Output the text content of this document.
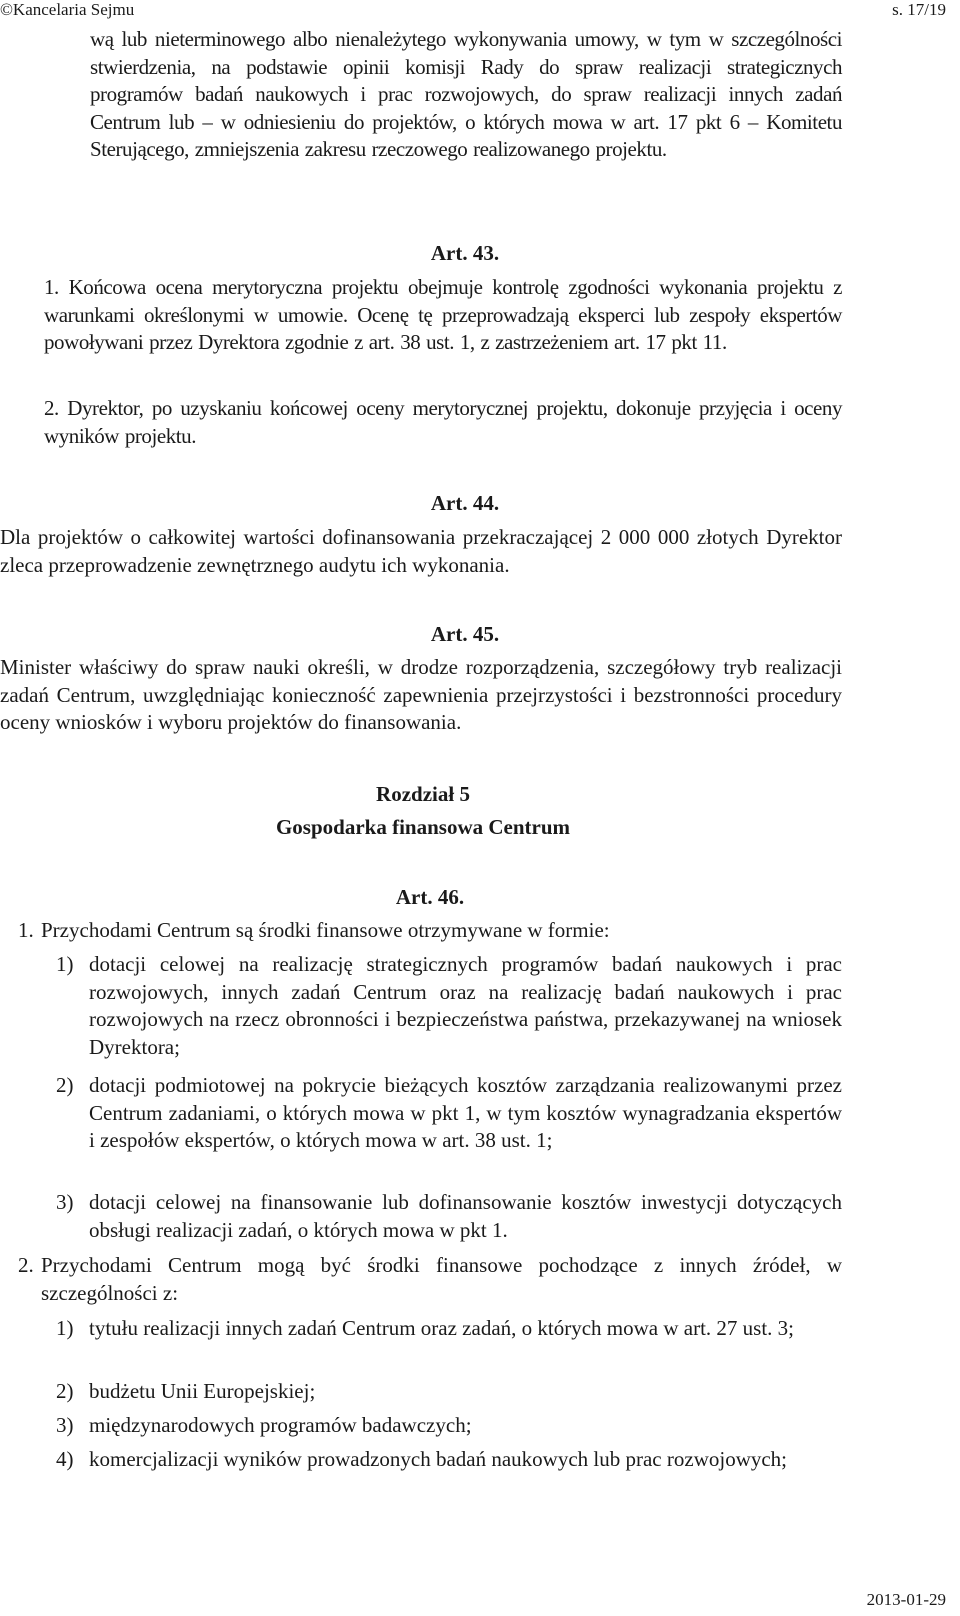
©Kancelaria Sejmu	s. 17/19

wą lub nieterminowego albo nienależytego wykonywania umowy, w tym w szczególności stwierdzenia, na podstawie opinii komisji Rady do spraw realizacji strategicznych programów badań naukowych i prac rozwojowych, do spraw realizacji innych zadań Centrum lub – w odniesieniu do projektów, o których mowa w art. 17 pkt 6 – Komitetu Sterującego, zmniejszenia zakresu rzeczowego realizowanego projektu.

Art. 43.

1. Końcowa ocena merytoryczna projektu obejmuje kontrolę zgodności wykonania projektu z warunkami określonymi w umowie. Ocenę tę przeprowadzają eksperci lub zespoły ekspertów powoływani przez Dyrektora zgodnie z art. 38 ust. 1, z zastrzeżeniem art. 17 pkt 11.

2. Dyrektor, po uzyskaniu końcowej oceny merytorycznej projektu, dokonuje przyjęcia i oceny wyników projektu.

Art. 44.

Dla projektów o całkowitej wartości dofinansowania przekraczającej 2 000 000 złotych Dyrektor zleca przeprowadzenie zewnętrznego audytu ich wykonania.

Art. 45.

Minister właściwy do spraw nauki określi, w drodze rozporządzenia, szczegółowy tryb realizacji zadań Centrum, uwzględniając konieczność zapewnienia przejrzystości i bezstronności procedury oceny wniosków i wyboru projektów do finansowania.

Rozdział 5
Gospodarka finansowa Centrum
Art. 46.
1. Przychodami Centrum są środki finansowe otrzymywane w formie:
1) dotacji celowej na realizację strategicznych programów badań naukowych i prac rozwojowych, innych zadań Centrum oraz na realizację badań naukowych i prac rozwojowych na rzecz obronności i bezpieczeństwa państwa, przekazywanej na wniosek Dyrektora;
2) dotacji podmiotowej na pokrycie bieżących kosztów zarządzania realizowanymi przez Centrum zadaniami, o których mowa w pkt 1, w tym kosztów wynagradzania ekspertów i zespołów ekspertów, o których mowa w art. 38 ust. 1;
3) dotacji celowej na finansowanie lub dofinansowanie kosztów inwestycji dotyczących obsługi realizacji zadań, o których mowa w pkt 1.
2. Przychodami Centrum mogą być środki finansowe pochodzące z innych źródeł, w szczególności z:
1) tytułu realizacji innych zadań Centrum oraz zadań, o których mowa w art. 27 ust. 3;
2) budżetu Unii Europejskiej;
3) międzynarodowych programów badawczych;
4) komercjalizacji wyników prowadzonych badań naukowych lub prac rozwojowych;
2013-01-29
